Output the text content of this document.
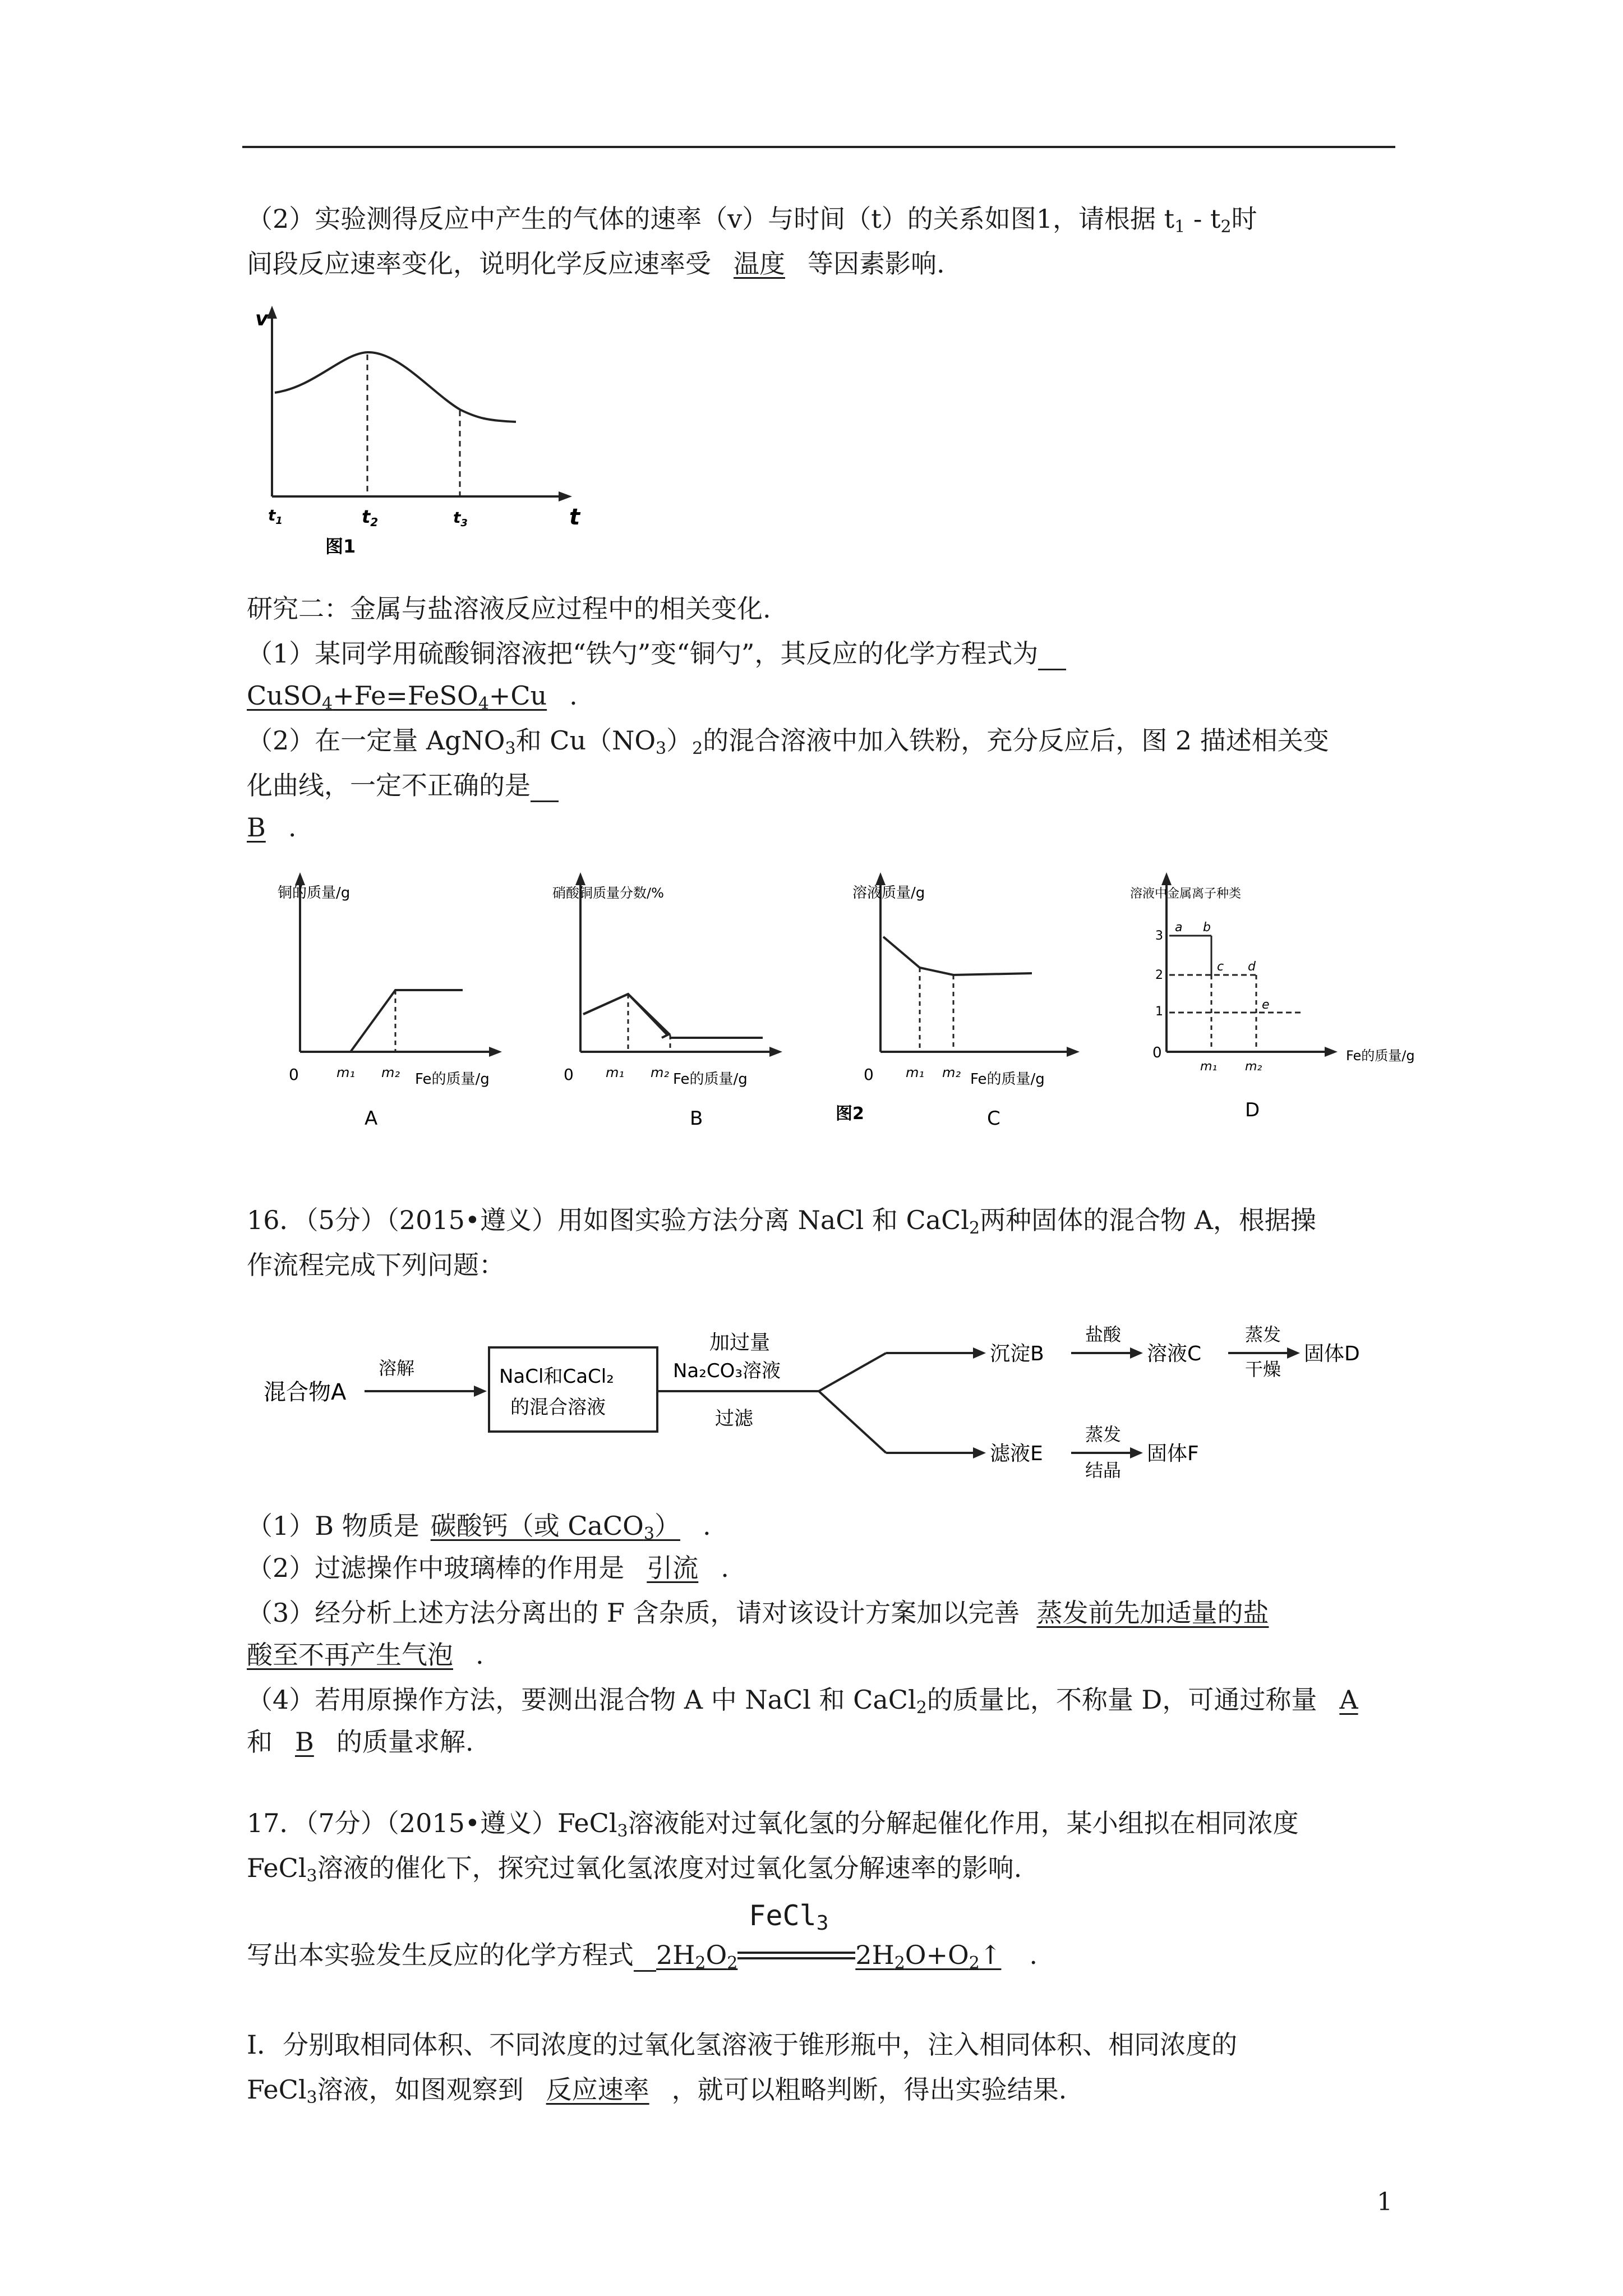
（2）实验测得反应中产生的气体的速率（v）与时间（t）的关系如图1，请根据 $t_1 - t_2$时
间段反应速率变化，说明化学反应速率受 温度 等因素影响.
v
t
$t_1$	t2	$t_3$
图1
研究二：金属与盐溶液反应过程中的相关变化.
（1）某同学用硫酸铜溶液把“铁勺”变“铜勺”，其反应的化学方程式为
CuSO$_4$+Fe=FeSO$_4$+Cu .
（2）在一定量 AgNO$_3$和 $Cu(NO_3)_2$的混合溶液中加入铁粉，充分反应后，图 2 描述相关变
化曲线，一定不正确的是
B .
铜的质量/g
0	m₁ m₂ Fe的质量/g
A
硝酸铜质量分数/%
0 m₁ m₂ Fe的质量/g
B
溶液质量/g
0 m₁ m₂ Fe的质量/g
图2	C
溶液中金属离子种类
3
2
1
a b
c d
e
0
m₁ m₂
Fe的质量/g
D
16．（5分）（2015•遵义）用如图实验方法分离 NaCl 和 CaCl$_2$两种固体的混合物 A，根据操
作流程完成下列问题：
混合物A
溶解	NaCl和CaCl₂
的混合溶液
加过量
Na₂CO₃溶液
过滤
沉淀B
盐酸
溶液C
蒸发
干燥
固体D
滤液E
蒸发
结晶
固体F
（1）B 物质是 碳酸钙（或 CaCO$_3$） .
（2）过滤操作中玻璃棒的作用是 引流 .
（3）经分析上述方法分离出的 F 含杂质，请对该设计方案加以完善 蒸发前先加适量的盐
酸至不再产生气泡 .
（4）若用原操作方法，要测出混合物 A 中 NaCl 和 CaCl$_2$的质量比，不称量 D，可通过称量 A
和 B 的质量求解.
17．（7分）（2015•遵义）FeCl$_3$溶液能对过氧化氢的分解起催化作用，某小组拟在相同浓度
FeCl$_3$溶液的催化下，探究过氧化氢浓度对过氧化氢分解速率的影响.
写出本实验发生反应的化学方程式 $2H_2O_2$
FeCl$_3$
$2H_2O+O_2↑$ .
Ⅰ．分别取相同体积、不同浓度的过氧化氢溶液于锥形瓶中，注入相同体积、相同浓度的
FeCl$_3$溶液，如图观察到 反应速率 ，就可以粗略判断，得出实验结果.
1
